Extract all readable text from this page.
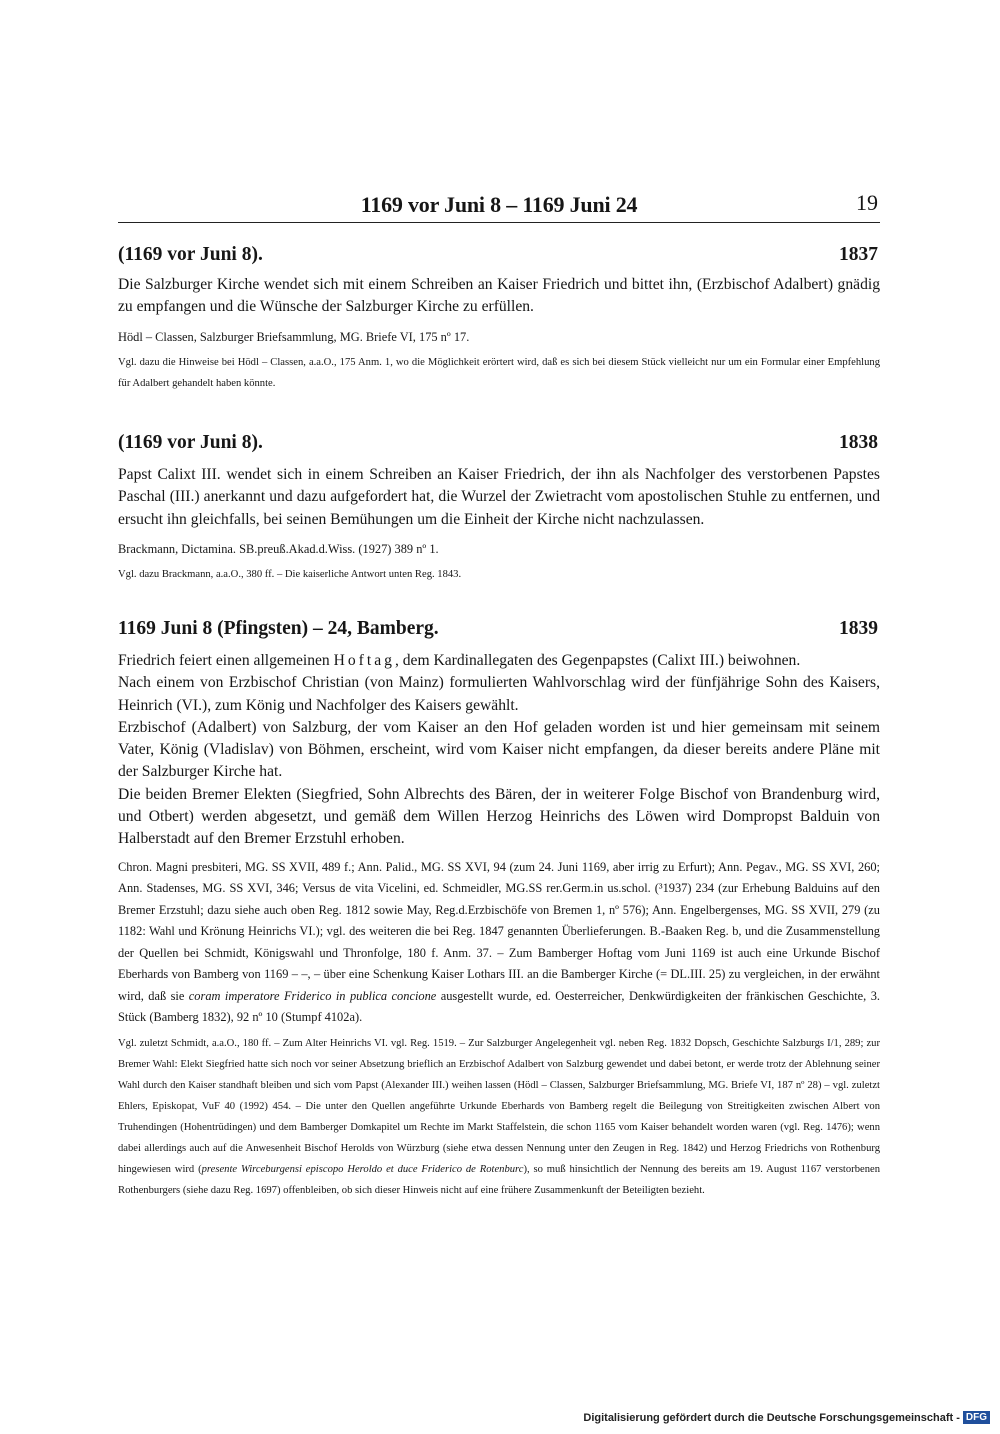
1169 vor Juni 8 – 1169 Juni 24	19
(1169 vor Juni 8).	1837

Die Salzburger Kirche wendet sich mit einem Schreiben an Kaiser Friedrich und bittet ihn, (Erzbischof Adalbert) gnädig zu empfangen und die Wünsche der Salzburger Kirche zu erfüllen.

Hödl – Classen, Salzburger Briefsammlung, MG. Briefe VI, 175 nº 17.

Vgl. dazu die Hinweise bei Hödl – Classen, a.a.O., 175 Anm. 1, wo die Möglichkeit erörtert wird, daß es sich bei diesem Stück vielleicht nur um ein Formular einer Empfehlung für Adalbert gehandelt haben könnte.

(1169 vor Juni 8).	1838

Papst Calixt III. wendet sich in einem Schreiben an Kaiser Friedrich, der ihn als Nachfolger des verstorbenen Papstes Paschal (III.) anerkannt und dazu aufgefordert hat, die Wurzel der Zwietracht vom apostolischen Stuhle zu entfernen, und ersucht ihn gleichfalls, bei seinen Bemühungen um die Einheit der Kirche nicht nachzulassen.

Brackmann, Dictamina. SB.preuß.Akad.d.Wiss. (1927) 389 nº 1.

Vgl. dazu Brackmann, a.a.O., 380 ff. – Die kaiserliche Antwort unten Reg. 1843.

1169 Juni 8 (Pfingsten) – 24, Bamberg.	1839

Friedrich feiert einen allgemeinen Hoftag, dem Kardinallegaten des Gegenpapstes (Calixt III.) beiwohnen.

Nach einem von Erzbischof Christian (von Mainz) formulierten Wahlvorschlag wird der fünfjährige Sohn des Kaisers, Heinrich (VI.), zum König und Nachfolger des Kaisers gewählt.

Erzbischof (Adalbert) von Salzburg, der vom Kaiser an den Hof geladen worden ist und hier gemeinsam mit seinem Vater, König (Vladislav) von Böhmen, erscheint, wird vom Kaiser nicht empfangen, da dieser bereits andere Pläne mit der Salzburger Kirche hat.

Die beiden Bremer Elekten (Siegfried, Sohn Albrechts des Bären, der in weiterer Folge Bischof von Brandenburg wird, und Otbert) werden abgesetzt, und gemäß dem Willen Herzog Heinrichs des Löwen wird Dompropst Balduin von Halberstadt auf den Bremer Erzstuhl erhoben.

Chron. Magni presbiteri, MG. SS XVII, 489 f.; Ann. Palid., MG. SS XVI, 94 (zum 24. Juni 1169, aber irrig zu Erfurt); Ann. Pegav., MG. SS XVI, 260; Ann. Stadenses, MG. SS XVI, 346; Versus de vita Vicelini, ed. Schmeidler, MG.SS rer.Germ.in us.schol. (³1937) 234 (zur Erhebung Balduins auf den Bremer Erzstuhl; dazu siehe auch oben Reg. 1812 sowie May, Reg.d.Erzbischöfe von Bremen 1, nº 576); Ann. Engelbergenses, MG. SS XVII, 279 (zu 1182: Wahl und Krönung Heinrichs VI.); vgl. des weiteren die bei Reg. 1847 genannten Überlieferungen. B.-Baaken Reg. b, und die Zusammenstellung der Quellen bei Schmidt, Königswahl und Thronfolge, 180 f. Anm. 37. – Zum Bamberger Hoftag vom Juni 1169 ist auch eine Urkunde Bischof Eberhards von Bamberg von 1169 – –, – über eine Schenkung Kaiser Lothars III. an die Bamberger Kirche (= DL.III. 25) zu vergleichen, in der erwähnt wird, daß sie coram imperatore Friderico in publica concione ausgestellt wurde, ed. Oesterreicher, Denkwürdigkeiten der fränkischen Geschichte, 3. Stück (Bamberg 1832), 92 nº 10 (Stumpf 4102a).

Vgl. zuletzt Schmidt, a.a.O., 180 ff. – Zum Alter Heinrichs VI. vgl. Reg. 1519. – Zur Salzburger Angelegenheit vgl. neben Reg. 1832 Dopsch, Geschichte Salzburgs I/1, 289; zur Bremer Wahl: Elekt Siegfried hatte sich noch vor seiner Absetzung brieflich an Erzbischof Adalbert von Salzburg gewendet und dabei betont, er werde trotz der Ablehnung seiner Wahl durch den Kaiser standhaft bleiben und sich vom Papst (Alexander III.) weihen lassen (Hödl – Classen, Salzburger Briefsammlung, MG. Briefe VI, 187 nº 28) – vgl. zuletzt Ehlers, Episkopat, VuF 40 (1992) 454. – Die unter den Quellen angeführte Urkunde Eberhards von Bamberg regelt die Beilegung von Streitigkeiten zwischen Albert von Truhendingen (Hohentrüdingen) und dem Bamberger Domkapitel um Rechte im Markt Staffelstein, die schon 1165 vom Kaiser behandelt worden waren (vgl. Reg. 1476); wenn dabei allerdings auch auf die Anwesenheit Bischof Herolds von Würzburg (siehe etwa dessen Nennung unter den Zeugen in Reg. 1842) und Herzog Friedrichs von Rothenburg hingewiesen wird (presente Wirceburgensi episcopo Heroldo et duce Friderico de Rotenburc), so muß hinsichtlich der Nennung des bereits am 19. August 1167 verstorbenen Rothenburgers (siehe dazu Reg. 1697) offenbleiben, ob sich dieser Hinweis nicht auf eine frühere Zusammenkunft der Beteiligten bezieht.

Digitalisierung gefördert durch die Deutsche Forschungsgemeinschaft - DFG
